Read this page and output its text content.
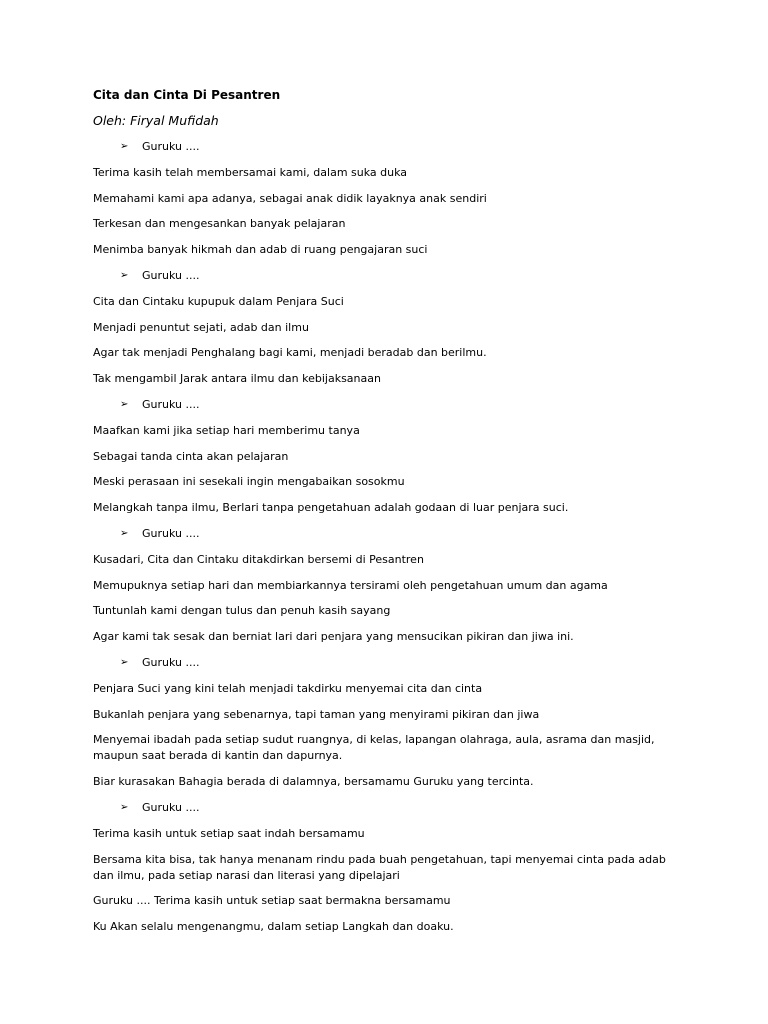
Cita dan Cinta Di Pesantren
Oleh: Firyal Mufidah
➢	Guruku ....
Terima kasih telah membersamai kami, dalam suka duka
Memahami kami apa adanya, sebagai anak didik layaknya anak sendiri
Terkesan dan mengesankan banyak pelajaran
Menimba banyak hikmah dan adab di ruang pengajaran suci
➢	Guruku ....
Cita dan Cintaku kupupuk dalam Penjara Suci
Menjadi penuntut sejati, adab dan ilmu
Agar tak menjadi Penghalang bagi kami, menjadi beradab dan berilmu.
Tak mengambil Jarak antara ilmu dan kebijaksanaan
➢	Guruku ....
Maafkan kami jika setiap hari memberimu tanya
Sebagai tanda cinta akan pelajaran
Meski perasaan ini sesekali ingin mengabaikan sosokmu
Melangkah tanpa ilmu, Berlari tanpa pengetahuan adalah godaan di luar penjara suci.
➢	Guruku ....
Kusadari, Cita dan Cintaku ditakdirkan bersemi di Pesantren
Memupuknya setiap hari dan membiarkannya tersirami oleh pengetahuan umum dan agama
Tuntunlah kami dengan tulus dan penuh kasih sayang
Agar kami tak sesak dan berniat lari dari penjara yang mensucikan pikiran dan jiwa ini.
➢	Guruku ....
Penjara Suci yang kini telah menjadi takdirku menyemai cita dan cinta
Bukanlah penjara yang sebenarnya, tapi taman yang menyirami pikiran dan jiwa
Menyemai ibadah pada setiap sudut ruangnya, di kelas, lapangan olahraga, aula, asrama dan masjid, maupun saat berada di kantin dan dapurnya.
Biar kurasakan Bahagia berada di dalamnya, bersamamu Guruku yang tercinta.
➢	Guruku ....
Terima kasih untuk setiap saat indah bersamamu
Bersama kita bisa, tak hanya menanam rindu pada buah pengetahuan, tapi menyemai cinta pada adab dan ilmu, pada setiap narasi dan literasi yang dipelajari
Guruku .... Terima kasih untuk setiap saat bermakna bersamamu
Ku Akan selalu mengenangmu, dalam setiap Langkah dan doaku.
